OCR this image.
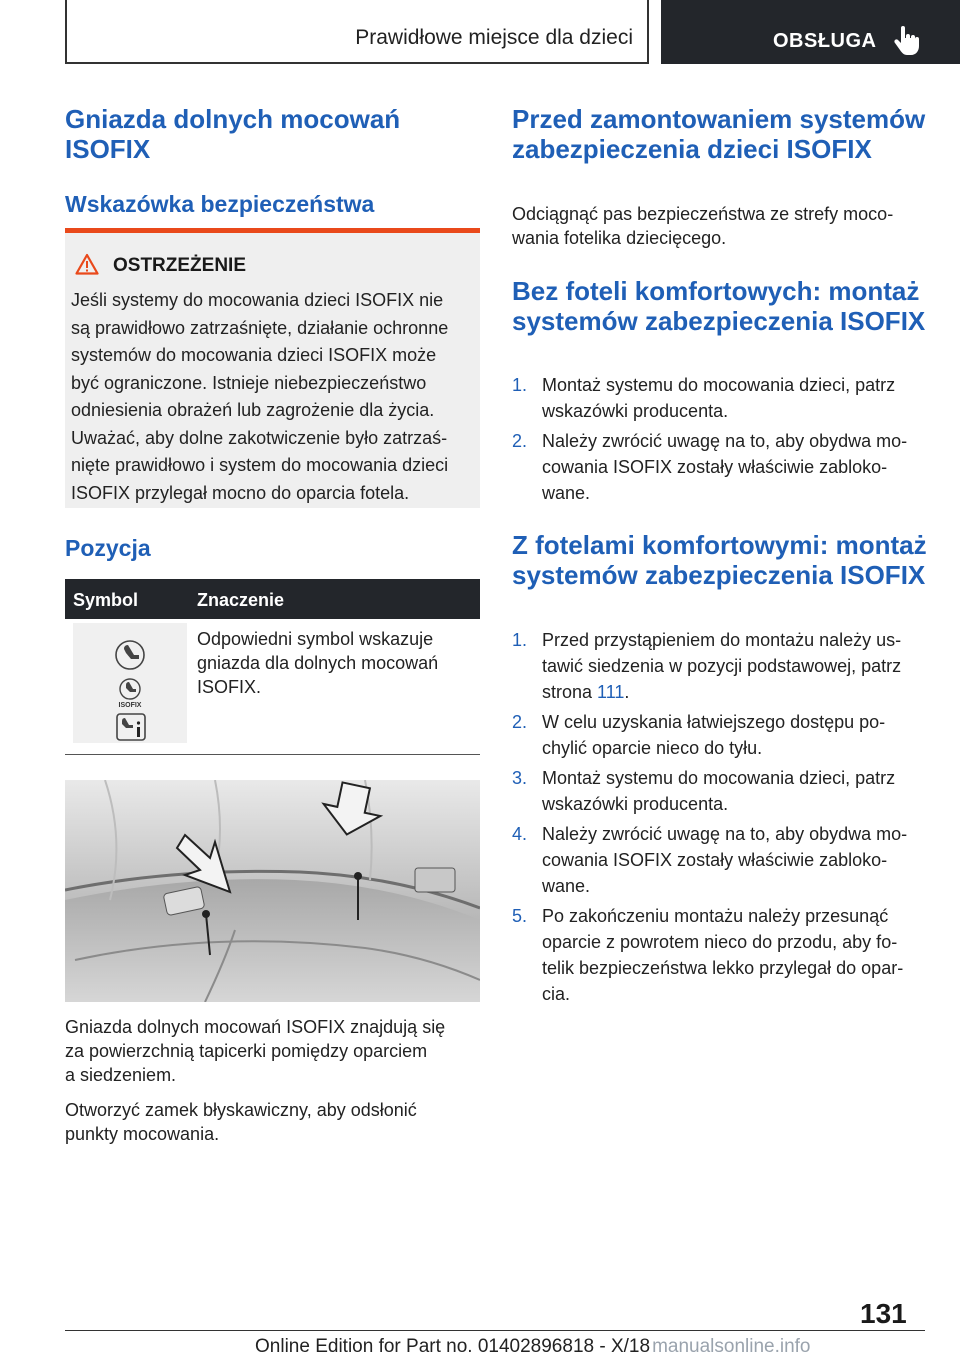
Prawidłowe miejsce dla dzieci	OBSŁUGA
Gniazda dolnych mocowań ISOFIX
Wskazówka bezpieczeństwa
OSTRZEŻENIE
Jeśli systemy do mocowania dzieci ISOFIX nie
są prawidłowo zatrzaśnięte, działanie ochronne
systemów do mocowania dzieci ISOFIX może
być ograniczone. Istnieje niebezpieczeństwo
odniesienia obrażeń lub zagrożenie dla życia.
Uważać, aby dolne zakotwiczenie było zatrzaś-
nięte prawidłowo i system do mocowania dzieci
ISOFIX przylegał mocno do oparcia fotela.
Pozycja
Symbol	Znaczenie
ISOFIX
Odpowiedni symbol wskazuje
gniazda dla dolnych mocowań
ISOFIX.
Gniazda dolnych mocowań ISOFIX znajdują się
za powierzchnią tapicerki pomiędzy oparciem
a siedzeniem.
Otworzyć zamek błyskawiczny, aby odsłonić
punkty mocowania.
Przed zamontowaniem systemów zabezpieczenia dzieci ISOFIX
Odciągnąć pas bezpieczeństwa ze strefy moco-
wania fotelika dziecięcego.
Bez foteli komfortowych: montaż systemów zabezpieczenia ISOFIX
1. Montaż systemu do mocowania dzieci, patrz wskazówki producenta.
2. Należy zwrócić uwagę na to, aby obydwa mo- cowania ISOFIX zostały właściwie zabloko- wane.
Z fotelami komfortowymi: montaż systemów zabezpieczenia ISOFIX
1. Przed przystąpieniem do montażu należy us- tawić siedzenia w pozycji podstawowej, patrz strona 111.
2. W celu uzyskania łatwiejszego dostępu po- chylić oparcie nieco do tyłu.
3. Montaż systemu do mocowania dzieci, patrz wskazówki producenta.
4. Należy zwrócić uwagę na to, aby obydwa mo- cowania ISOFIX zostały właściwie zabloko- wane.
5. Po zakończeniu montażu należy przesunąć oparcie z powrotem nieco do przodu, aby fo- telik bezpieczeństwa lekko przylegał do opar- cia.
131
Online Edition for Part no. 01402896818 - X/18 manualsonline.info
